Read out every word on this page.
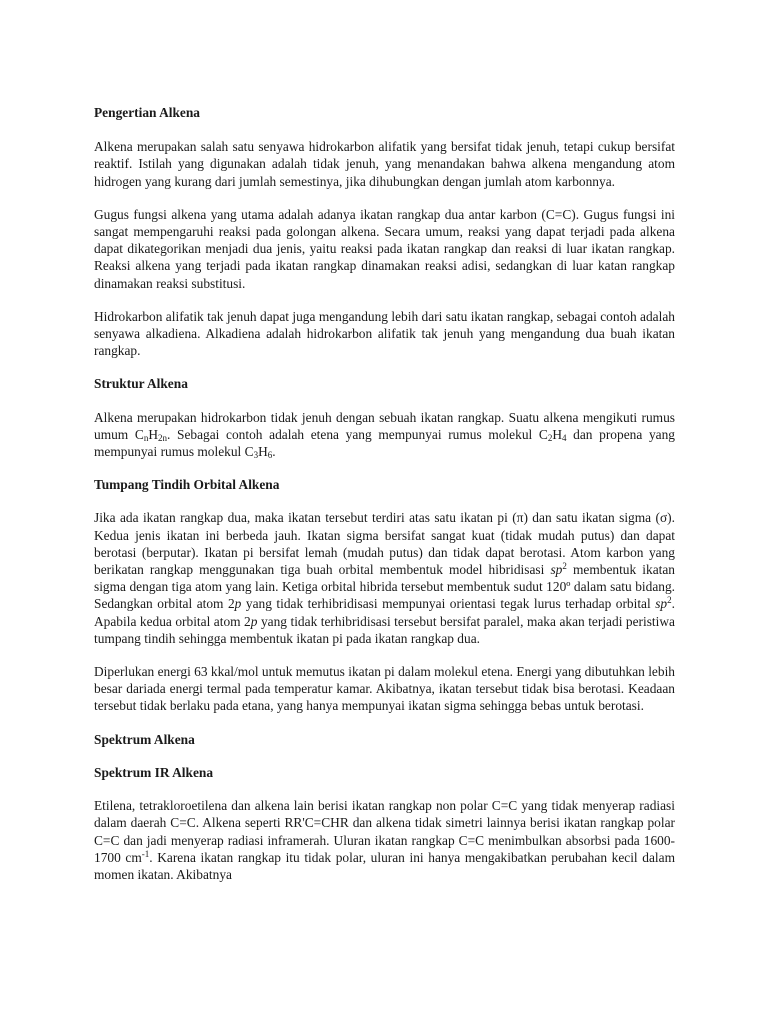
Pengertian Alkena

Alkena merupakan salah satu senyawa hidrokarbon alifatik yang bersifat tidak jenuh, tetapi cukup bersifat reaktif. Istilah yang digunakan adalah tidak jenuh, yang menandakan bahwa alkena mengandung atom hidrogen yang kurang dari jumlah semestinya, jika dihubungkan dengan jumlah atom karbonnya.

Gugus fungsi alkena yang utama adalah adanya ikatan rangkap dua antar karbon (C=C). Gugus fungsi ini sangat mempengaruhi reaksi pada golongan alkena. Secara umum, reaksi yang dapat terjadi pada alkena dapat dikategorikan menjadi dua jenis, yaitu reaksi pada ikatan rangkap dan reaksi di luar ikatan rangkap. Reaksi alkena yang terjadi pada ikatan rangkap dinamakan reaksi adisi, sedangkan di luar katan rangkap dinamakan reaksi substitusi.

Hidrokarbon alifatik tak jenuh dapat juga mengandung lebih dari satu ikatan rangkap, sebagai contoh adalah senyawa alkadiena. Alkadiena adalah hidrokarbon alifatik tak jenuh yang mengandung dua buah ikatan rangkap.

Struktur Alkena

Alkena merupakan hidrokarbon tidak jenuh dengan sebuah ikatan rangkap. Suatu alkena mengikuti rumus umum $C_nH_{2n}$. Sebagai contoh adalah etena yang mempunyai rumus molekul $C_2H_4$ dan propena yang mempunyai rumus molekul $C_3H_6$.

Tumpang Tindih Orbital Alkena

Jika ada ikatan rangkap dua, maka ikatan tersebut terdiri atas satu ikatan pi (π) dan satu ikatan sigma (σ). Kedua jenis ikatan ini berbeda jauh. Ikatan sigma bersifat sangat kuat (tidak mudah putus) dan dapat berotasi (berputar). Ikatan pi bersifat lemah (mudah putus) dan tidak dapat berotasi. Atom karbon yang berikatan rangkap menggunakan tiga buah orbital membentuk model hibridisasi $sp^2$ membentuk ikatan sigma dengan tiga atom yang lain. Ketiga orbital hibrida tersebut membentuk sudut 120º dalam satu bidang. Sedangkan orbital atom 2p yang tidak terhibridisasi mempunyai orientasi tegak lurus terhadap orbital $sp^2$. Apabila kedua orbital atom 2p yang tidak terhibridisasi tersebut bersifat paralel, maka akan terjadi peristiwa tumpang tindih sehingga membentuk ikatan pi pada ikatan rangkap dua.

Diperlukan energi 63 kkal/mol untuk memutus ikatan pi dalam molekul etena. Energi yang dibutuhkan lebih besar dariada energi termal pada temperatur kamar. Akibatnya, ikatan tersebut tidak bisa berotasi. Keadaan tersebut tidak berlaku pada etana, yang hanya mempunyai ikatan sigma sehingga bebas untuk berotasi.

Spektrum Alkena

Spektrum IR Alkena

Etilena, tetrakloroetilena dan alkena lain berisi ikatan rangkap non polar C=C yang tidak menyerap radiasi dalam daerah C=C. Alkena seperti RR'C=CHR dan alkena tidak simetri lainnya berisi ikatan rangkap polar C=C dan jadi menyerap radiasi inframerah. Uluran ikatan rangkap C=C menimbulkan absorbsi pada 1600-1700 $cm^{-1}$. Karena ikatan rangkap itu tidak polar, uluran ini hanya mengakibatkan perubahan kecil dalam momen ikatan. Akibatnya
